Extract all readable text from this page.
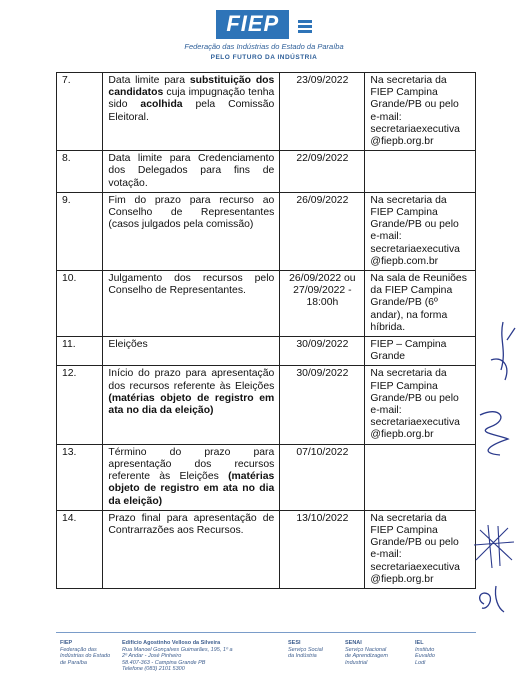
FIEP
Federação das Indústrias do Estado da Paraíba
PELO FUTURO DA INDÚSTRIA
7.	Data limite para substituição dos candidatos cuja impugnação tenha sido acolhida pela Comissão Eleitoral.	23/09/2022	Na secretaria da FIEP Campina Grande/PB ou pelo e-mail: secretariaexecutiva @fiepb.org.br
8.	Data limite para Credenciamento dos Delegados para fins de votação.	22/09/2022	
9.	Fim do prazo para recurso ao Conselho de Representantes (casos julgados pela comissão)	26/09/2022	Na secretaria da FIEP Campina Grande/PB ou pelo e-mail: secretariaexecutiva @fiepb.com.br
10.	Julgamento dos recursos pelo Conselho de Representantes.	26/09/2022 ou 27/09/2022 - 18:00h	Na sala de Reuniões da FIEP Campina Grande/PB (6º andar), na forma híbrida.
11.	Eleições	30/09/2022	FIEP – Campina Grande
12.	Início do prazo para apresentação dos recursos referente às Eleições (matérias objeto de registro em ata no dia da eleição)	30/09/2022	Na secretaria da FIEP Campina Grande/PB ou pelo e-mail: secretariaexecutiva @fiepb.org.br
13.	Término do prazo para apresentação dos recursos referente às Eleições (matérias objeto de registro em ata no dia da eleição)	07/10/2022	
14.	Prazo final para apresentação de Contrarrazões aos Recursos.	13/10/2022	Na secretaria da FIEP Campina Grande/PB ou pelo e-mail: secretariaexecutiva @fiepb.org.br
FIEP
Federação das
Indústrias do Estado
de Paraíba
Edifício Agostinho Velloso da Silveira
Rua Manoel Gonçalves Guimarães, 195, 1º a
2º Andar - José Pinheiro
58.407-363 - Campina Grande PB
Telefone (083) 2101 5300
SESI
Serviço Social
da Indústria
SENAI
Serviço Nacional
de Aprendizagem
Industrial
IEL
Instituto
Euvaldo
Lodi
